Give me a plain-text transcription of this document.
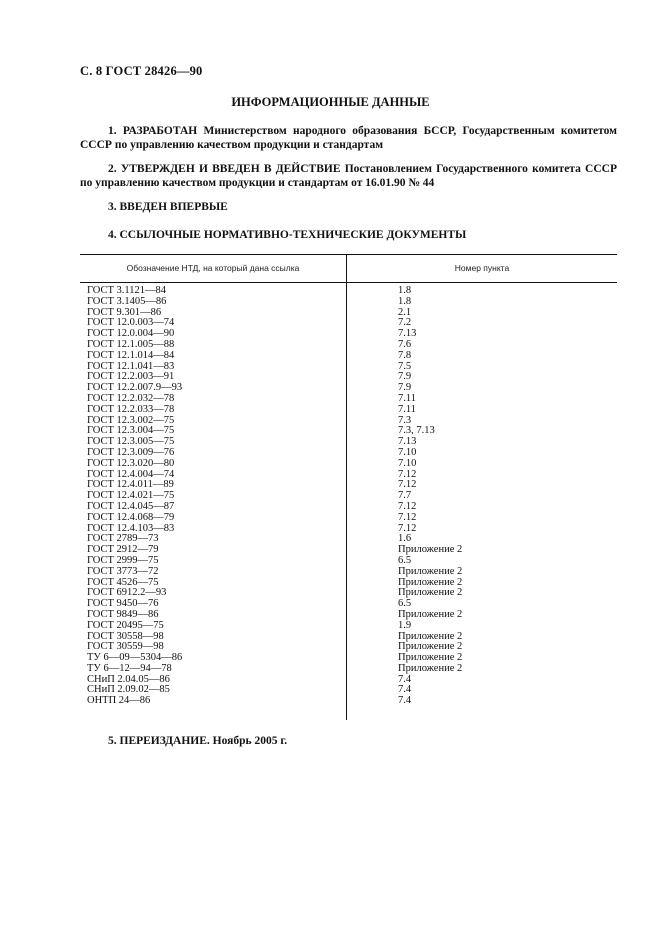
С. 8 ГОСТ 28426—90
ИНФОРМАЦИОННЫЕ ДАННЫЕ
1. РАЗРАБОТАН Министерством народного образования БССР, Государственным комитетом СССР по управлению качеством продукции и стандартам
2. УТВЕРЖДЕН И ВВЕДЕН В ДЕЙСТВИЕ Постановлением Государственного комитета СССР по управлению качеством продукции и стандартам от 16.01.90 № 44
3. ВВЕДЕН ВПЕРВЫЕ
4. ССЫЛОЧНЫЕ НОРМАТИВНО-ТЕХНИЧЕСКИЕ ДОКУМЕНТЫ
Обозначение НТД, на который дана ссылка	Номер пункта
ГОСТ 3.1121—84	1.8
ГОСТ 3.1405—86	1.8
ГОСТ 9.301—86	2.1
ГОСТ 12.0.003—74	7.2
ГОСТ 12.0.004—90	7.13
ГОСТ 12.1.005—88	7.6
ГОСТ 12.1.014—84	7.8
ГОСТ 12.1.041—83	7.5
ГОСТ 12.2.003—91	7.9
ГОСТ 12.2.007.9—93	7.9
ГОСТ 12.2.032—78	7.11
ГОСТ 12.2.033—78	7.11
ГОСТ 12.3.002—75	7.3
ГОСТ 12.3.004—75	7.3, 7.13
ГОСТ 12.3.005—75	7.13
ГОСТ 12.3.009—76	7.10
ГОСТ 12.3.020—80	7.10
ГОСТ 12.4.004—74	7.12
ГОСТ 12.4.011—89	7.12
ГОСТ 12.4.021—75	7.7
ГОСТ 12.4.045—87	7.12
ГОСТ 12.4.068—79	7.12
ГОСТ 12.4.103—83	7.12
ГОСТ 2789—73	1.6
ГОСТ 2912—79	Приложение 2
ГОСТ 2999—75	6.5
ГОСТ 3773—72	Приложение 2
ГОСТ 4526—75	Приложение 2
ГОСТ 6912.2—93	Приложение 2
ГОСТ 9450—76	6.5
ГОСТ 9849—86	Приложение 2
ГОСТ 20495—75	1.9
ГОСТ 30558—98	Приложение 2
ГОСТ 30559—98	Приложение 2
ТУ 6—09—5304—86	Приложение 2
ТУ 6—12—94—78	Приложение 2
СНиП 2.04.05—86	7.4
СНиП 2.09.02—85	7.4
ОНТП 24—86	7.4
5. ПЕРЕИЗДАНИЕ. Ноябрь 2005 г.
